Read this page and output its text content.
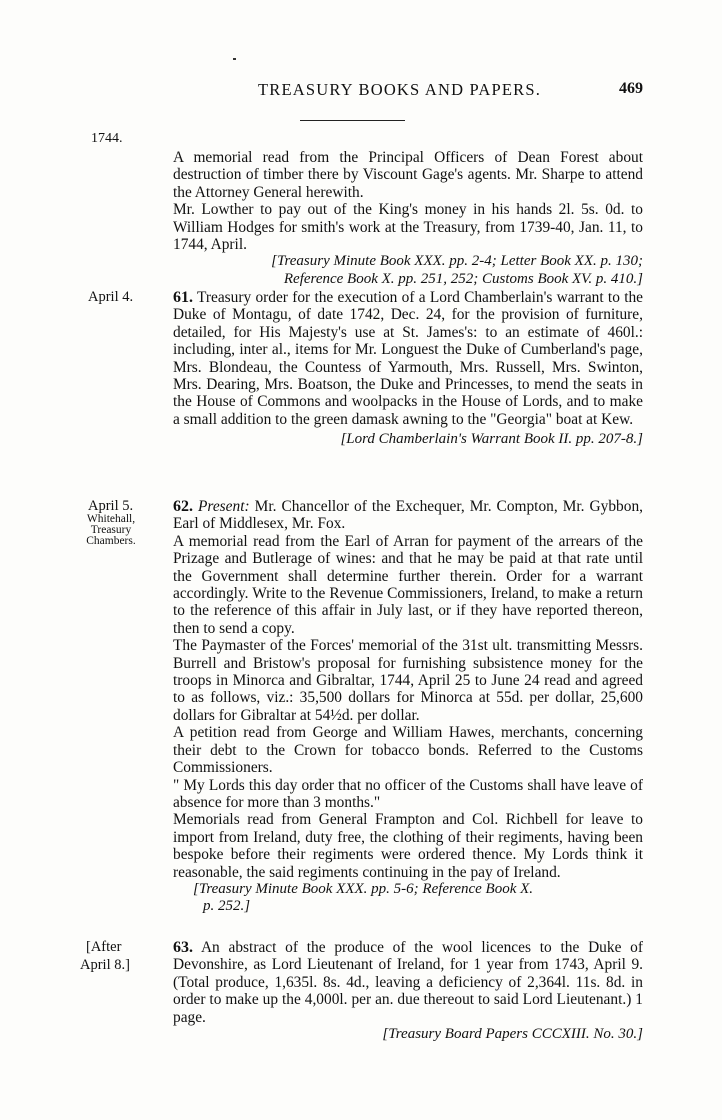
TREASURY BOOKS AND PAPERS.	469
1744.
April 4.
April 5.
Whitehall,
Treasury
Chambers.
[After
April 8.]

A memorial read from the Principal Officers of Dean Forest about destruction of timber there by Viscount Gage's agents. Mr. Sharpe to attend the Attorney General herewith.

Mr. Lowther to pay out of the King's money in his hands 2l. 5s. 0d. to William Hodges for smith's work at the Treasury, from 1739-40, Jan. 11, to 1744, April.

[Treasury Minute Book XXX. pp. 2-4; Letter Book XX. p. 130;

Reference Book X. pp. 251, 252; Customs Book XV. p. 410.]

61. Treasury order for the execution of a Lord Chamberlain's warrant to the Duke of Montagu, of date 1742, Dec. 24, for the provision of furniture, detailed, for His Majesty's use at St. James's: to an estimate of 460l.: including, inter al., items for Mr. Longuest the Duke of Cumberland's page, Mrs. Blondeau, the Countess of Yarmouth, Mrs. Russell, Mrs. Swinton, Mrs. Dearing, Mrs. Boatson, the Duke and Princesses, to mend the seats in the House of Commons and woolpacks in the House of Lords, and to make a small addition to the green damask awning to the "Georgia" boat at Kew.

[Lord Chamberlain's Warrant Book II. pp. 207-8.]

62. Present: Mr. Chancellor of the Exchequer, Mr. Compton, Mr. Gybbon, Earl of Middlesex, Mr. Fox.

A memorial read from the Earl of Arran for payment of the arrears of the Prizage and Butlerage of wines: and that he may be paid at that rate until the Government shall determine further therein. Order for a warrant accordingly. Write to the Revenue Commissioners, Ireland, to make a return to the reference of this affair in July last, or if they have reported thereon, then to send a copy.

The Paymaster of the Forces' memorial of the 31st ult. transmitting Messrs. Burrell and Bristow's proposal for furnishing subsistence money for the troops in Minorca and Gibraltar, 1744, April 25 to June 24 read and agreed to as follows, viz.: 35,500 dollars for Minorca at 55d. per dollar, 25,600 dollars for Gibraltar at 54½d. per dollar.

A petition read from George and William Hawes, merchants, concerning their debt to the Crown for tobacco bonds. Referred to the Customs Commissioners.

" My Lords this day order that no officer of the Customs shall have leave of absence for more than 3 months."

Memorials read from General Frampton and Col. Richbell for leave to import from Ireland, duty free, the clothing of their regiments, having been bespoke before their regiments were ordered thence. My Lords think it reasonable, the said regiments continuing in the pay of Ireland.

[Treasury Minute Book XXX. pp. 5-6; Reference Book X.

p. 252.]

63. An abstract of the produce of the wool licences to the Duke of Devonshire, as Lord Lieutenant of Ireland, for 1 year from 1743, April 9. (Total produce, 1,635l. 8s. 4d., leaving a deficiency of 2,364l. 11s. 8d. in order to make up the 4,000l. per an. due thereout to said Lord Lieutenant.) 1 page.

[Treasury Board Papers CCCXIII. No. 30.]
